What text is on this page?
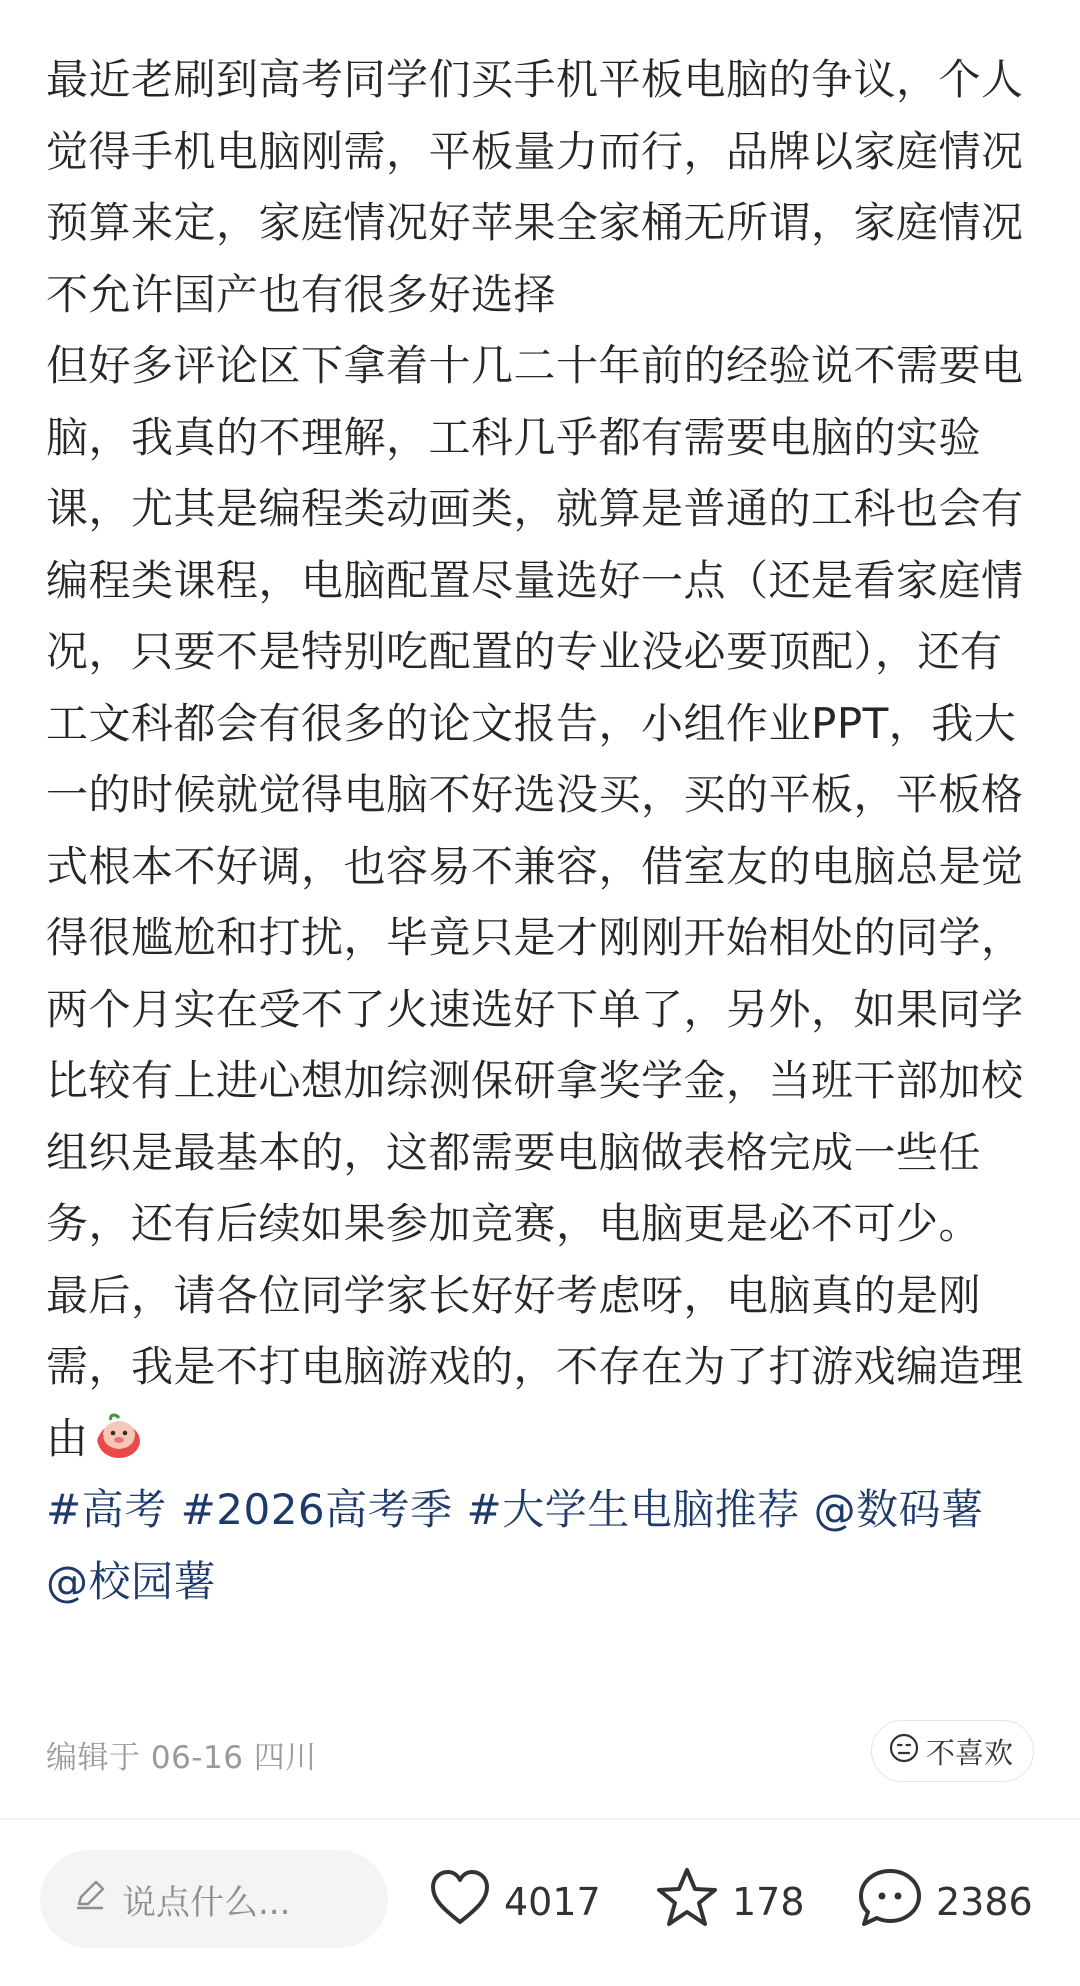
最近老刷到高考同学们买手机平板电脑的争议，个人觉得手机电脑刚需，平板量力而行，品牌以家庭情况预算来定，家庭情况好苹果全家桶无所谓，家庭情况不允许国产也有很多好选择

但好多评论区下拿着十几二十年前的经验说不需要电脑，我真的不理解，工科几乎都有需要电脑的实验课，尤其是编程类动画类，就算是普通的工科也会有编程类课程，电脑配置尽量选好一点（还是看家庭情况，只要不是特别吃配置的专业没必要顶配），还有工文科都会有很多的论文报告，小组作业PPT，我大一的时候就觉得电脑不好选没买，买的平板，平板格式根本不好调，也容易不兼容，借室友的电脑总是觉得很尴尬和打扰，毕竟只是才刚刚开始相处的同学，两个月实在受不了火速选好下单了，另外，如果同学比较有上进心想加综测保研拿奖学金，当班干部加校组织是最基本的，这都需要电脑做表格完成一些任务，还有后续如果参加竞赛，电脑更是必不可少。

最后，请各位同学家长好好考虑呀，电脑真的是刚需，我是不打电脑游戏的，不存在为了打游戏编造理由

#高考 #2026高考季 #大学生电脑推荐 @数码薯 @校园薯

编辑于 06-16 四川	不喜欢
说点什么...	4017	178	2386
